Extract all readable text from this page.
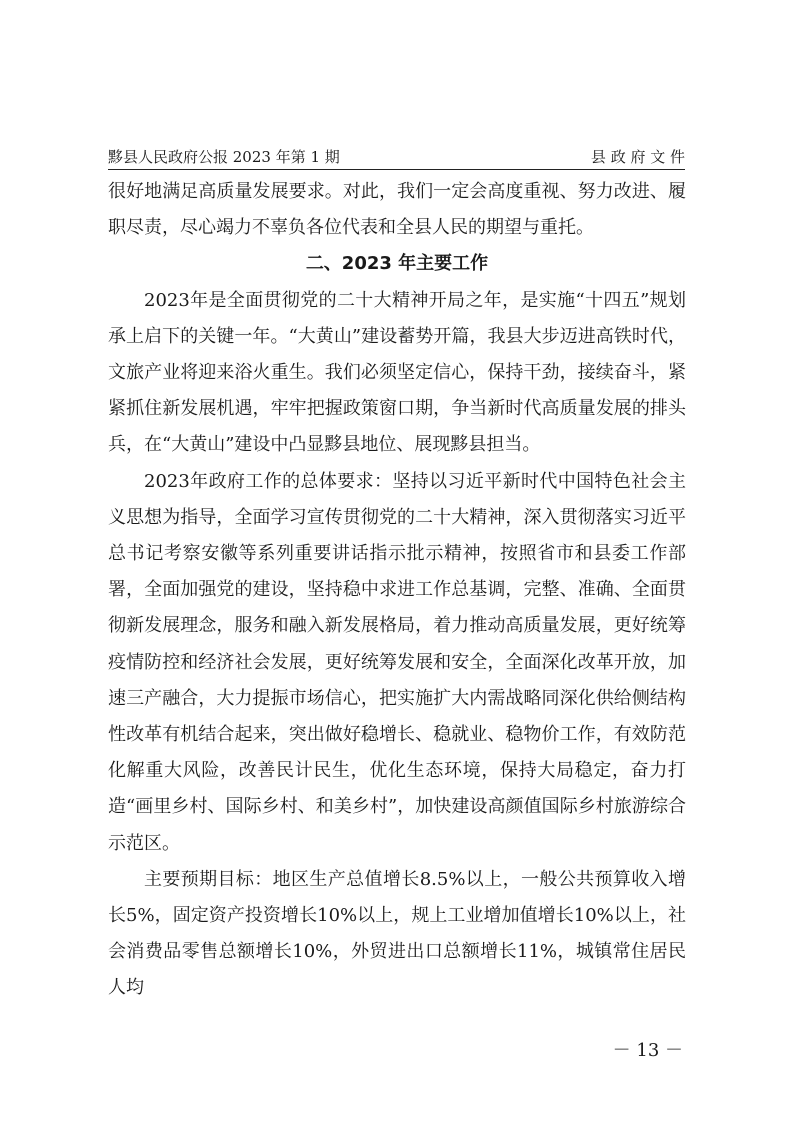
黟县人民政府公报 2023 年第 1 期	县 政 府 文 件

很好地满足高质量发展要求。对此，我们一定会高度重视、努力改进、履职尽责，尽心竭力不辜负各位代表和全县人民的期望与重托。

二、2023 年主要工作

2023年是全面贯彻党的二十大精神开局之年，是实施“十四五”规划承上启下的关键一年。“大黄山”建设蓄势开篇，我县大步迈进高铁时代，文旅产业将迎来浴火重生。我们必须坚定信心，保持干劲，接续奋斗，紧紧抓住新发展机遇，牢牢把握政策窗口期，争当新时代高质量发展的排头兵，在“大黄山”建设中凸显黟县地位、展现黟县担当。

2023年政府工作的总体要求：坚持以习近平新时代中国特色社会主义思想为指导，全面学习宣传贯彻党的二十大精神，深入贯彻落实习近平总书记考察安徽等系列重要讲话指示批示精神，按照省市和县委工作部署，全面加强党的建设，坚持稳中求进工作总基调，完整、准确、全面贯彻新发展理念，服务和融入新发展格局，着力推动高质量发展，更好统筹疫情防控和经济社会发展，更好统筹发展和安全，全面深化改革开放，加速三产融合，大力提振市场信心，把实施扩大内需战略同深化供给侧结构性改革有机结合起来，突出做好稳增长、稳就业、稳物价工作，有效防范化解重大风险，改善民计民生，优化生态环境，保持大局稳定，奋力打造“画里乡村、国际乡村、和美乡村”，加快建设高颜值国际乡村旅游综合示范区。

主要预期目标：地区生产总值增长8.5%以上，一般公共预算收入增长5%，固定资产投资增长10%以上，规上工业增加值增长10%以上，社会消费品零售总额增长10%，外贸进出口总额增长11%，城镇常住居民人均

－ 13 －
